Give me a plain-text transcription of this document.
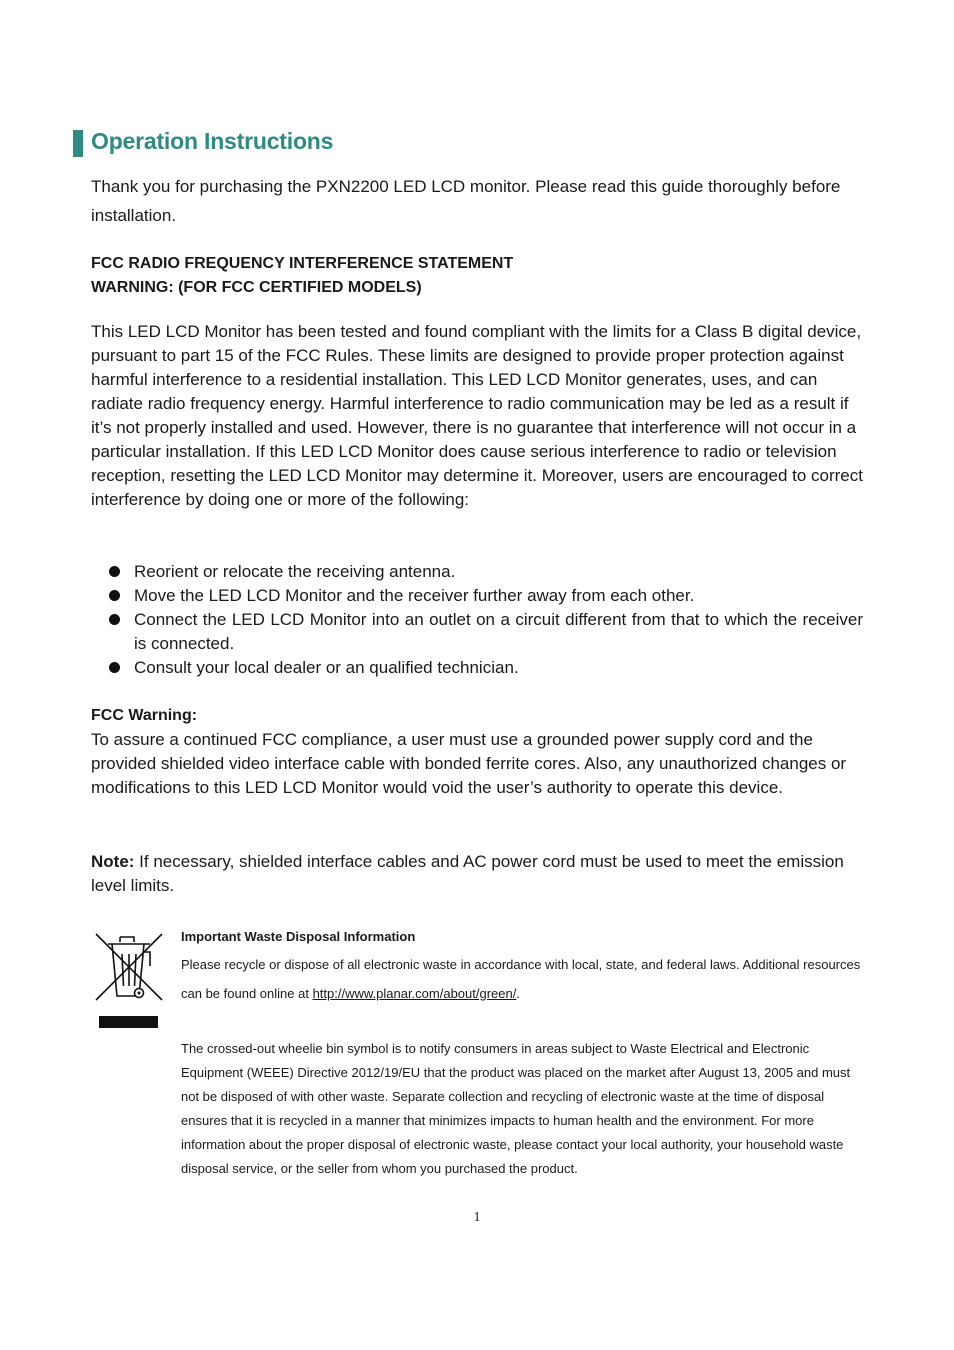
Operation Instructions
Thank you for purchasing the PXN2200 LED LCD monitor. Please read this guide thoroughly before installation.
FCC RADIO FREQUENCY INTERFERENCE STATEMENT
WARNING: (FOR FCC CERTIFIED MODELS)
This LED LCD Monitor has been tested and found compliant with the limits for a Class B digital device, pursuant to part 15 of the FCC Rules. These limits are designed to provide proper protection against harmful interference to a residential installation. This LED LCD Monitor generates, uses, and can radiate radio frequency energy. Harmful interference to radio communication may be led as a result if it’s not properly installed and used. However, there is no guarantee that interference will not occur in a particular installation. If this LED LCD Monitor does cause serious interference to radio or television reception, resetting the LED LCD Monitor may determine it. Moreover, users are encouraged to correct interference by doing one or more of the following:
Reorient or relocate the receiving antenna.
Move the LED LCD Monitor and the receiver further away from each other.
Connect the LED LCD Monitor into an outlet on a circuit different from that to which the receiver is connected.
Consult your local dealer or an qualified technician.
FCC Warning:
To assure a continued FCC compliance, a user must use a grounded power supply cord and the provided shielded video interface cable with bonded ferrite cores. Also, any unauthorized changes or modifications to this LED LCD Monitor would void the user’s authority to operate this device.
Note: If necessary, shielded interface cables and AC power cord must be used to meet the emission level limits.
Important Waste Disposal Information
Please recycle or dispose of all electronic waste in accordance with local, state, and federal laws. Additional resources can be found online at http://www.planar.com/about/green/.
The crossed-out wheelie bin symbol is to notify consumers in areas subject to Waste Electrical and Electronic Equipment (WEEE) Directive 2012/19/EU that the product was placed on the market after August 13, 2005 and must not be disposed of with other waste. Separate collection and recycling of electronic waste at the time of disposal ensures that it is recycled in a manner that minimizes impacts to human health and the environment. For more information about the proper disposal of electronic waste, please contact your local authority, your household waste disposal service, or the seller from whom you purchased the product.
1
